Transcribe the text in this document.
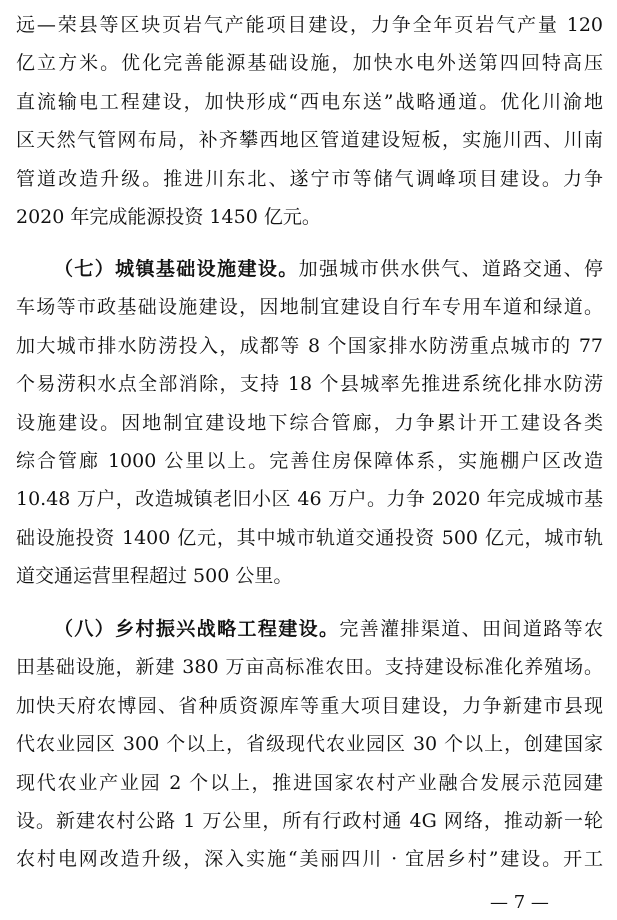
远—荣县等区块页岩气产能项目建设，力争全年页岩气产量 120
亿立方米。优化完善能源基础设施，加快水电外送第四回特高压
直流输电工程建设，加快形成“西电东送”战略通道。优化川渝地
区天然气管网布局，补齐攀西地区管道建设短板，实施川西、川南
管道改造升级。推进川东北、遂宁市等储气调峰项目建设。力争
2020 年完成能源投资 1450 亿元。
（七）城镇基础设施建设。加强城市供水供气、道路交通、停
车场等市政基础设施建设，因地制宜建设自行车专用车道和绿道。
加大城市排水防涝投入，成都等 8 个国家排水防涝重点城市的 77
个易涝积水点全部消除，支持 18 个县城率先推进系统化排水防涝
设施建设。因地制宜建设地下综合管廊，力争累计开工建设各类
综合管廊 1000 公里以上。完善住房保障体系，实施棚户区改造
10.48 万户，改造城镇老旧小区 46 万户。力争 2020 年完成城市基
础设施投资 1400 亿元，其中城市轨道交通投资 500 亿元，城市轨
道交通运营里程超过 500 公里。
（八）乡村振兴战略工程建设。完善灌排渠道、田间道路等农
田基础设施，新建 380 万亩高标准农田。支持建设标准化养殖场。
加快天府农博园、省种质资源库等重大项目建设，力争新建市县现
代农业园区 300 个以上，省级现代农业园区 30 个以上，创建国家
现代农业产业园 2 个以上，推进国家农村产业融合发展示范园建
设。新建农村公路 1 万公里，所有行政村通 4G 网络，推动新一轮
农村电网改造升级，深入实施“美丽四川 · 宜居乡村”建设。开工
— 7 —
